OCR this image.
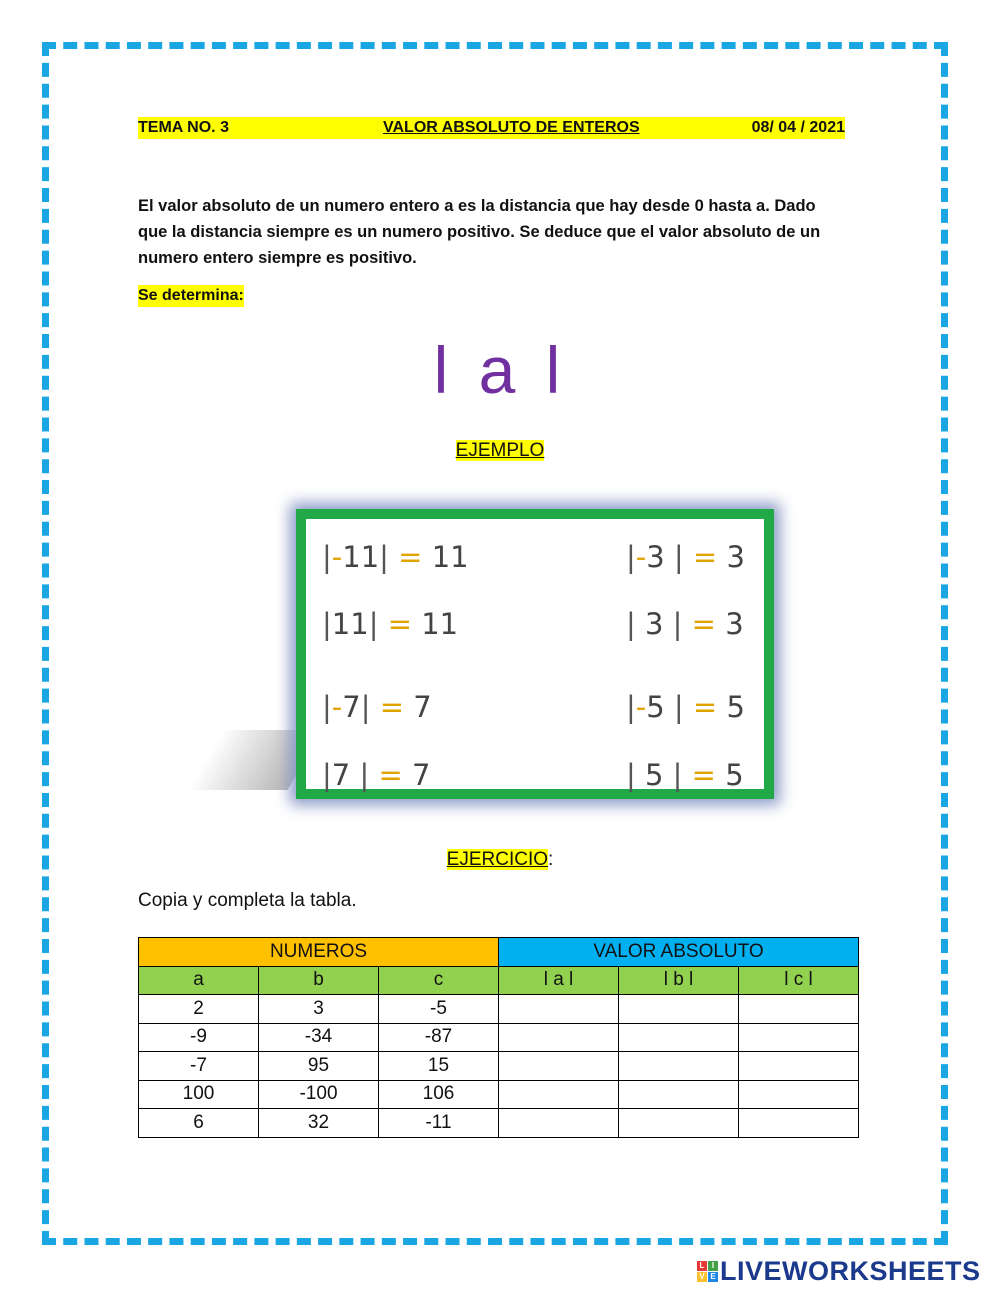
TEMA NO. 3	VALOR ABSOLUTO DE ENTEROS	08/ 04 / 2021
El valor absoluto de un numero entero a es la distancia que hay desde 0 hasta a. Dado que la distancia siempre es un numero positivo. Se deduce que el valor absoluto de un numero entero siempre es positivo.
Se determina:
l a l
EJEMPLO
|-11| = 11	|-3 | = 3
|11| = 11	| 3 | = 3
|-7| = 7	|-5 | = 5
|7 | = 7	| 5 | = 5
EJERCICIO:
Copia y completa la tabla.
NUMEROS			VALOR ABSOLUTO		
a	b	c	l a l	l b l	l c l
2	3	-5			
-9	-34	-87			
-7	95	15			
100	-100	106			
6	32	-11			
L I
V E LIVEWORKSHEETS
